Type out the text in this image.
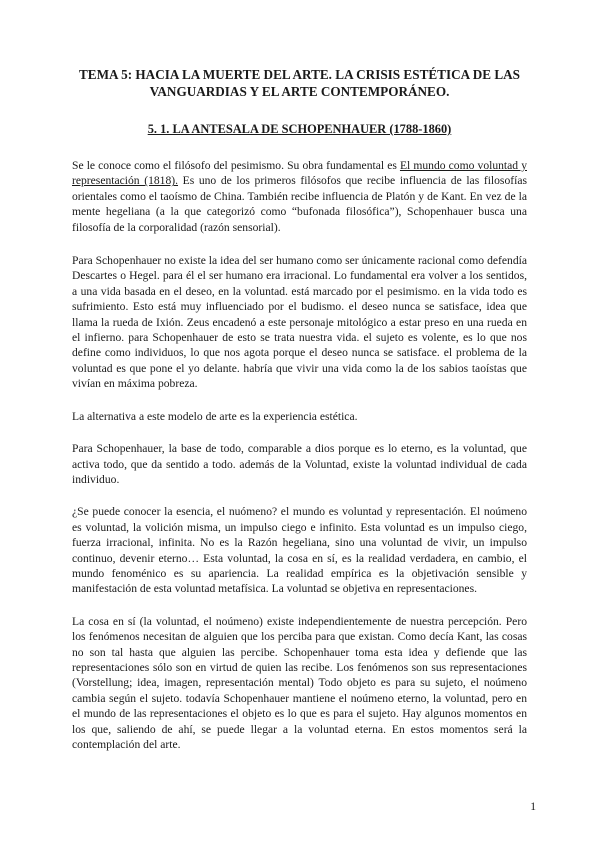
TEMA 5: HACIA LA MUERTE DEL ARTE. LA CRISIS ESTÉTICA DE LAS VANGUARDIAS Y EL ARTE CONTEMPORÁNEO.
5. 1. LA ANTESALA DE SCHOPENHAUER (1788-1860)

Se le conoce como el filósofo del pesimismo. Su obra fundamental es El mundo como voluntad y representación (1818). Es uno de los primeros filósofos que recibe influencia de las filosofías orientales como el taoísmo de China. También recibe influencia de Platón y de Kant. En vez de la mente hegeliana (a la que categorizó como “bufonada filosófica”), Schopenhauer busca una filosofía de la corporalidad (razón sensorial).

Para Schopenhauer no existe la idea del ser humano como ser únicamente racional como defendía Descartes o Hegel. para él el ser humano era irracional. Lo fundamental era volver a los sentidos, a una vida basada en el deseo, en la voluntad. está marcado por el pesimismo. en la vida todo es sufrimiento. Esto está muy influenciado por el budismo. el deseo nunca se satisface, idea que llama la rueda de Ixión. Zeus encadenó a este personaje mitológico a estar preso en una rueda en el infierno. para Schopenhauer de esto se trata nuestra vida. el sujeto es volente, es lo que nos define como individuos, lo que nos agota porque el deseo nunca se satisface. el problema de la voluntad es que pone el yo delante. habría que vivir una vida como la de los sabios taoístas que vivían en máxima pobreza.

La alternativa a este modelo de arte es la experiencia estética.

Para Schopenhauer, la base de todo, comparable a dios porque es lo eterno, es la voluntad, que activa todo, que da sentido a todo. además de la Voluntad, existe la voluntad individual de cada individuo.

¿Se puede conocer la esencia, el nuómeno? el mundo es voluntad y representación. El noúmeno es voluntad, la volición misma, un impulso ciego e infinito. Esta voluntad es un impulso ciego, fuerza irracional, infinita. No es la Razón hegeliana, sino una voluntad de vivir, un impulso continuo, devenir eterno… Esta voluntad, la cosa en sí, es la realidad verdadera, en cambio, el mundo fenoménico es su apariencia. La realidad empírica es la objetivación sensible y manifestación de esta voluntad metafísica. La voluntad se objetiva en representaciones.

La cosa en sí (la voluntad, el noúmeno) existe independientemente de nuestra percepción. Pero los fenómenos necesitan de alguien que los perciba para que existan. Como decía Kant, las cosas no son tal hasta que alguien las percibe. Schopenhauer toma esta idea y defiende que las representaciones sólo son en virtud de quien las recibe. Los fenómenos son sus representaciones (Vorstellung; idea, imagen, representación mental) Todo objeto es para su sujeto, el noúmeno cambia según el sujeto. todavía Schopenhauer mantiene el noúmeno eterno, la voluntad, pero en el mundo de las representaciones el objeto es lo que es para el sujeto. Hay algunos momentos en los que, saliendo de ahí, se puede llegar a la voluntad eterna. En estos momentos será la contemplación del arte.

1
